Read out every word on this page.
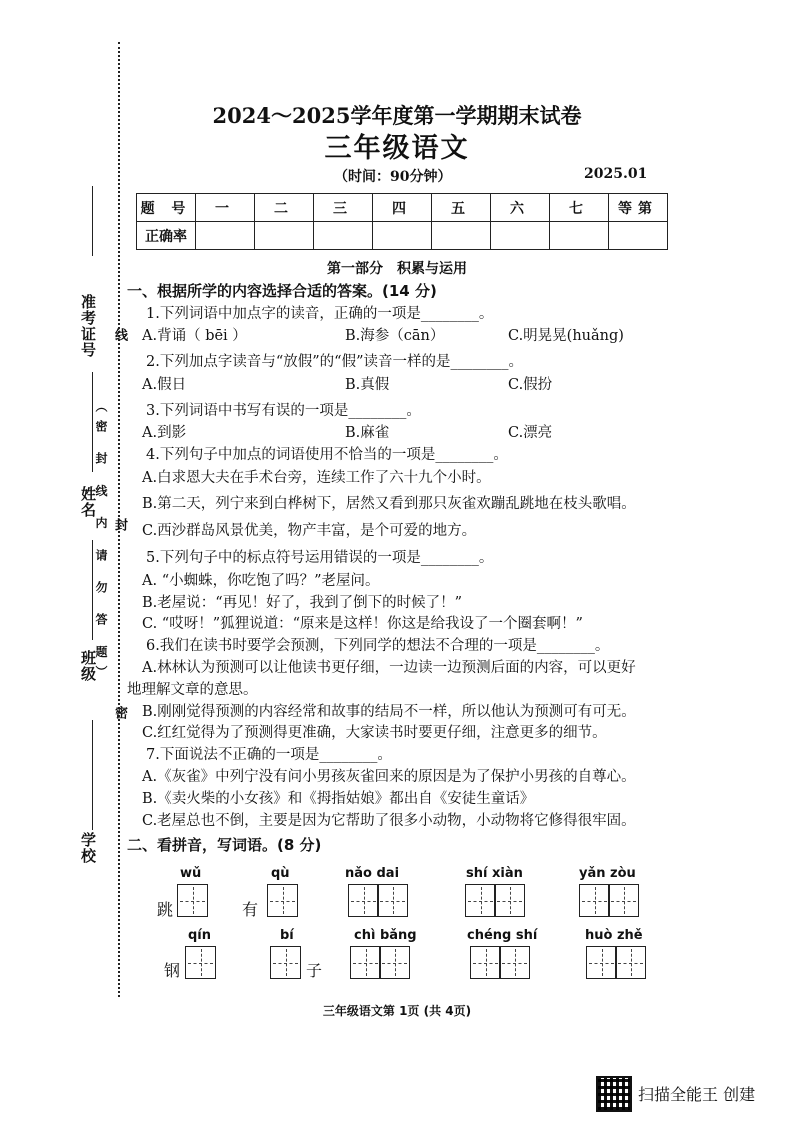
准考证号
姓名
班级
学校
线
封
密
（密 封 线 内 请 勿 答 题）
2024～2025学年度第一学期期末试卷
三年级语文
（时间：90分钟）	2025.01
题 号	一	二	三	四	五	六	七	等第
正确率								
第一部分　积累与运用
一、根据所学的内容选择合适的答案。(14 分)
1.下列词语中加点字的读音，正确的一项是________。
A.背诵（ bēi ）	B.海参（cān）	C.明晃晃(huǎng)
2.下列加点字读音与“放假”的“假”读音一样的是________。
A.假日	B.真假	C.假扮
3.下列词语中书写有误的一项是________。
A.到影	B.麻雀	C.漂亮
4.下列句子中加点的词语使用不恰当的一项是________。
A.白求恩大夫在手术台旁，连续工作了六十九个小时。
B.第二天，列宁来到白桦树下，居然又看到那只灰雀欢蹦乱跳地在枝头歌唱。
C.西沙群岛风景优美，物产丰富，是个可爱的地方。
5.下列句子中的标点符号运用错误的一项是________。
A. “小蜘蛛，你吃饱了吗？”老屋问。
B.老屋说：“再见！好了，我到了倒下的时候了！”
C. “哎呀！”狐狸说道：“原来是这样！你这是给我设了一个圈套啊！”
6.我们在读书时要学会预测，下列同学的想法不合理的一项是________。
A.林林认为预测可以让他读书更仔细，一边读一边预测后面的内容，可以更好
地理解文章的意思。
B.刚刚觉得预测的内容经常和故事的结局不一样，所以他认为预测可有可无。
C.红红觉得为了预测得更准确，大家读书时要更仔细，注意更多的细节。
7.下面说法不正确的一项是________。
A.《灰雀》中列宁没有问小男孩灰雀回来的原因是为了保护小男孩的自尊心。
B.《卖火柴的小女孩》和《拇指姑娘》都出自《安徒生童话》
C.老屋总也不倒，主要是因为它帮助了很多小动物，小动物将它修得很牢固。
二、看拼音，写词语。(8 分)
wǔ
跳
qù
有
nǎo dai	shí xiàn	yǎn zòu
qín
钢
bí
子
chì bǎng	chéng shí	huò zhě
三年级语文第 1页 (共 4页)
扫描全能王 创建
